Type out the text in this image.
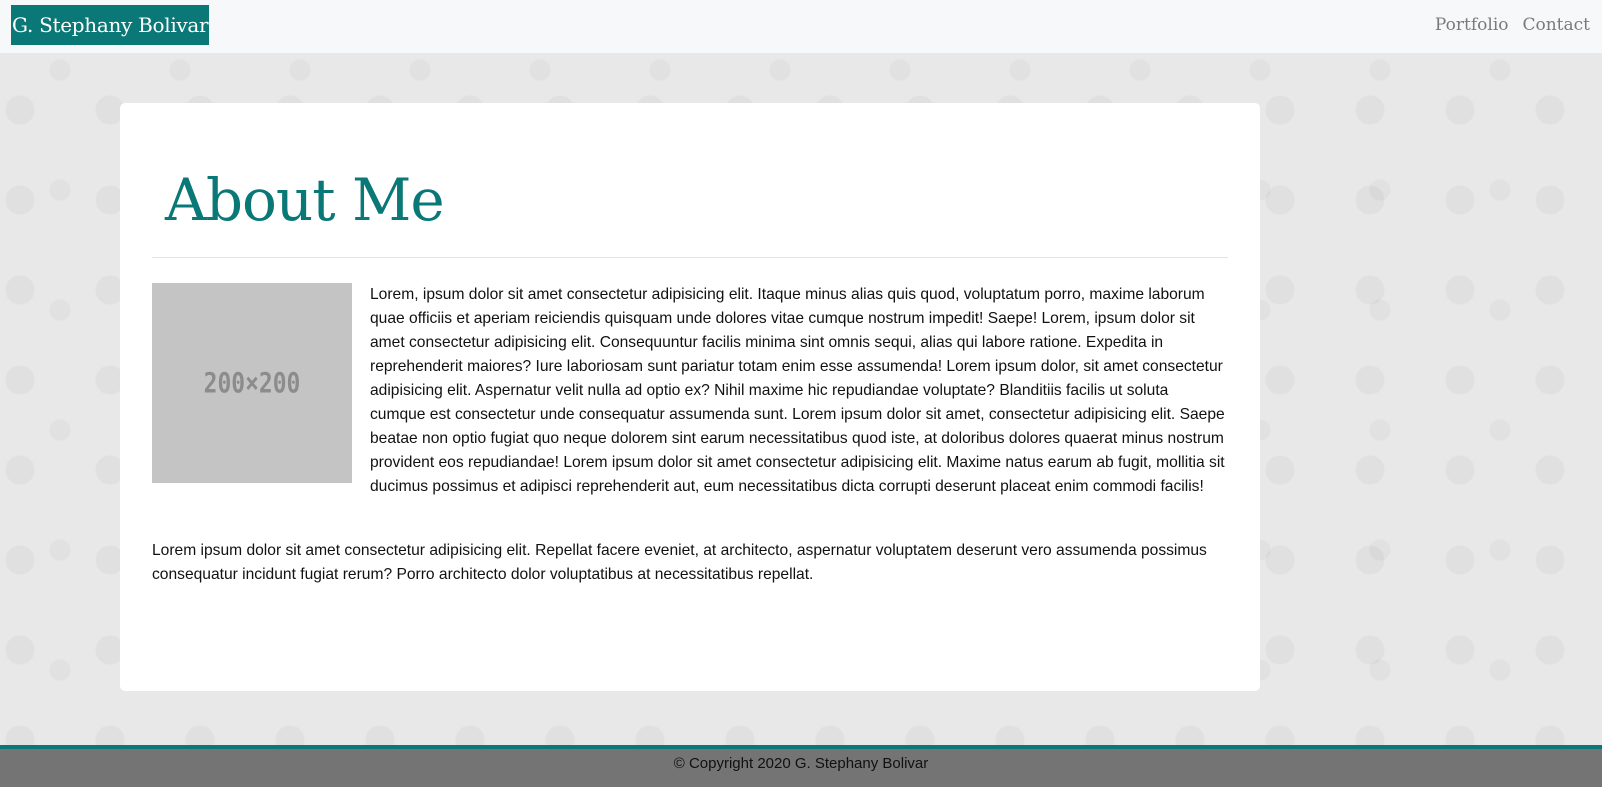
G. Stephany Bolivar	Portfolio Contact
About Me
200×200

Lorem, ipsum dolor sit amet consectetur adipisicing elit. Itaque minus alias quis quod, voluptatum porro, maxime laborum quae officiis et aperiam reiciendis quisquam unde dolores vitae cumque nostrum impedit! Saepe! Lorem, ipsum dolor sit amet consectetur adipisicing elit. Consequuntur facilis minima sint omnis sequi, alias qui labore ratione. Expedita in reprehenderit maiores? Iure laboriosam sunt pariatur totam enim esse assumenda! Lorem ipsum dolor, sit amet consectetur adipisicing elit. Aspernatur velit nulla ad optio ex? Nihil maxime hic repudiandae voluptate? Blanditiis facilis ut soluta cumque est consectetur unde consequatur assumenda sunt. Lorem ipsum dolor sit amet, consectetur adipisicing elit. Saepe beatae non optio fugiat quo neque dolorem sint earum necessitatibus quod iste, at doloribus dolores quaerat minus nostrum provident eos repudiandae! Lorem ipsum dolor sit amet consectetur adipisicing elit. Maxime natus earum ab fugit, mollitia sit ducimus possimus et adipisci reprehenderit aut, eum necessitatibus dicta corrupti deserunt placeat enim commodi facilis!

Lorem ipsum dolor sit amet consectetur adipisicing elit. Repellat facere eveniet, at architecto, aspernatur voluptatem deserunt vero assumenda possimus consequatur incidunt fugiat rerum? Porro architecto dolor voluptatibus at necessitatibus repellat.

© Copyright 2020 G. Stephany Bolivar
